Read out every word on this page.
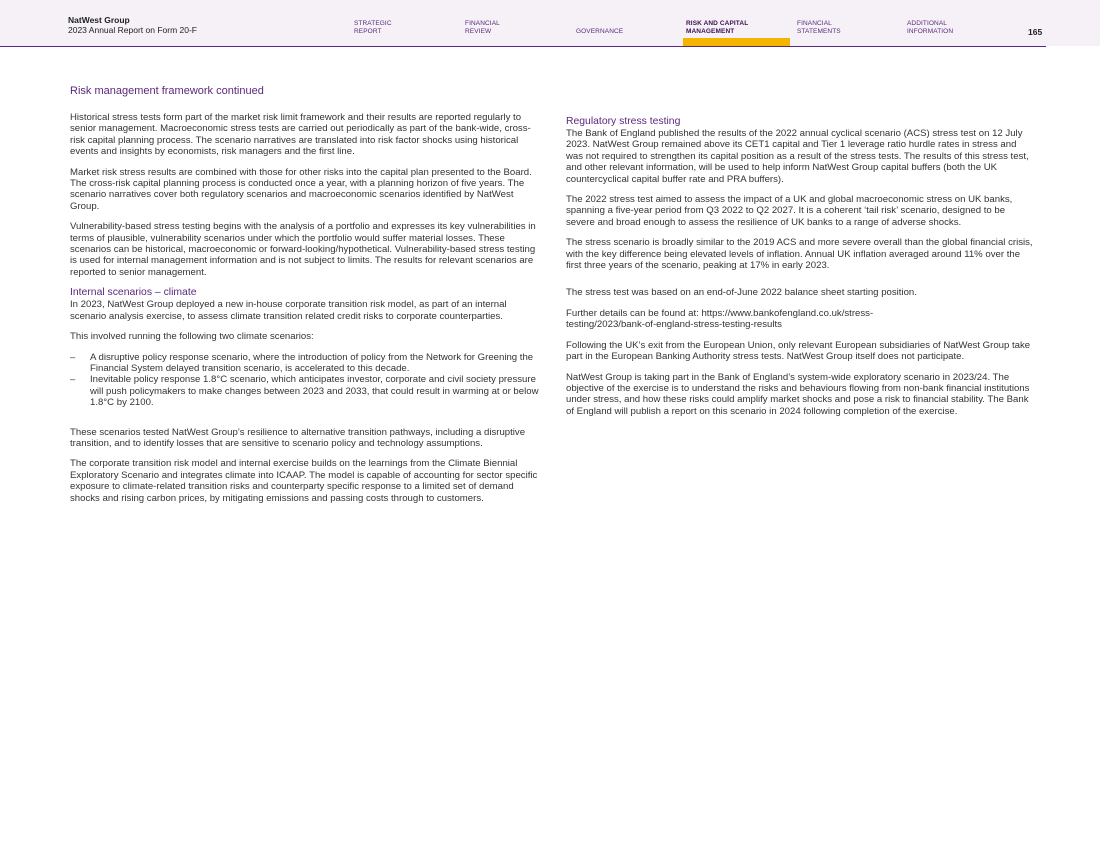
NatWest Group
2023 Annual Report on Form 20-F
STRATEGIC
REPORT
FINANCIAL
REVIEW	GOVERNANCE
RISK AND CAPITAL
MANAGEMENT
FINANCIAL
STATEMENTS
ADDITIONAL
INFORMATION	165
Risk management framework continued

Historical stress tests form part of the market risk limit framework and their results are reported regularly to senior management. Macroeconomic stress tests are carried out periodically as part of the bank-wide, cross-risk capital planning process. The scenario narratives are translated into risk factor shocks using historical events and insights by economists, risk managers and the first line.

Market risk stress results are combined with those for other risks into the capital plan presented to the Board. The cross-risk capital planning process is conducted once a year, with a planning horizon of five years. The scenario narratives cover both regulatory scenarios and macroeconomic scenarios identified by NatWest Group.

Vulnerability-based stress testing begins with the analysis of a portfolio and expresses its key vulnerabilities in terms of plausible, vulnerability scenarios under which the portfolio would suffer material losses. These scenarios can be historical, macroeconomic or forward-looking/hypothetical. Vulnerability-based stress testing is used for internal management information and is not subject to limits. The results for relevant scenarios are reported to senior management.

Internal scenarios – climate

In 2023, NatWest Group deployed a new in-house corporate transition risk model, as part of an internal scenario analysis exercise, to assess climate transition related credit risks to corporate counterparties.

This involved running the following two climate scenarios:

– A disruptive policy response scenario, where the introduction of policy from the Network for Greening the Financial System delayed transition scenario, is accelerated to this decade.
– Inevitable policy response 1.8°C scenario, which anticipates investor, corporate and civil society pressure will push policymakers to make changes between 2023 and 2033, that could result in warming at or below 1.8°C by 2100.

These scenarios tested NatWest Group’s resilience to alternative transition pathways, including a disruptive transition, and to identify losses that are sensitive to scenario policy and technology assumptions.

The corporate transition risk model and internal exercise builds on the learnings from the Climate Biennial Exploratory Scenario and integrates climate into ICAAP. The model is capable of accounting for sector specific exposure to climate-related transition risks and counterparty specific response to a limited set of demand shocks and rising carbon prices, by mitigating emissions and passing costs through to customers.

Regulatory stress testing

The Bank of England published the results of the 2022 annual cyclical scenario (ACS) stress test on 12 July 2023. NatWest Group remained above its CET1 capital and Tier 1 leverage ratio hurdle rates in stress and was not required to strengthen its capital position as a result of the stress tests. The results of this stress test, and other relevant information, will be used to help inform NatWest Group capital buffers (both the UK countercyclical capital buffer rate and PRA buffers).

The 2022 stress test aimed to assess the impact of a UK and global macroeconomic stress on UK banks, spanning a five-year period from Q3 2022 to Q2 2027. It is a coherent ‘tail risk’ scenario, designed to be severe and broad enough to assess the resilience of UK banks to a range of adverse shocks.

The stress scenario is broadly similar to the 2019 ACS and more severe overall than the global financial crisis, with the key difference being elevated levels of inflation. Annual UK inflation averaged around 11% over the first three years of the scenario, peaking at 17% in early 2023.

The stress test was based on an end-of-June 2022 balance sheet starting position.

Further details can be found at: https://www.bankofengland.co.uk/stress-
testing/2023/bank-of-england-stress-testing-results

Following the UK’s exit from the European Union, only relevant European subsidiaries of NatWest Group take part in the European Banking Authority stress tests. NatWest Group itself does not participate.

NatWest Group is taking part in the Bank of England’s system-wide exploratory scenario in 2023/24. The objective of the exercise is to understand the risks and behaviours flowing from non-bank financial institutions under stress, and how these risks could amplify market shocks and pose a risk to financial stability. The Bank of England will publish a report on this scenario in 2024 following completion of the exercise.
